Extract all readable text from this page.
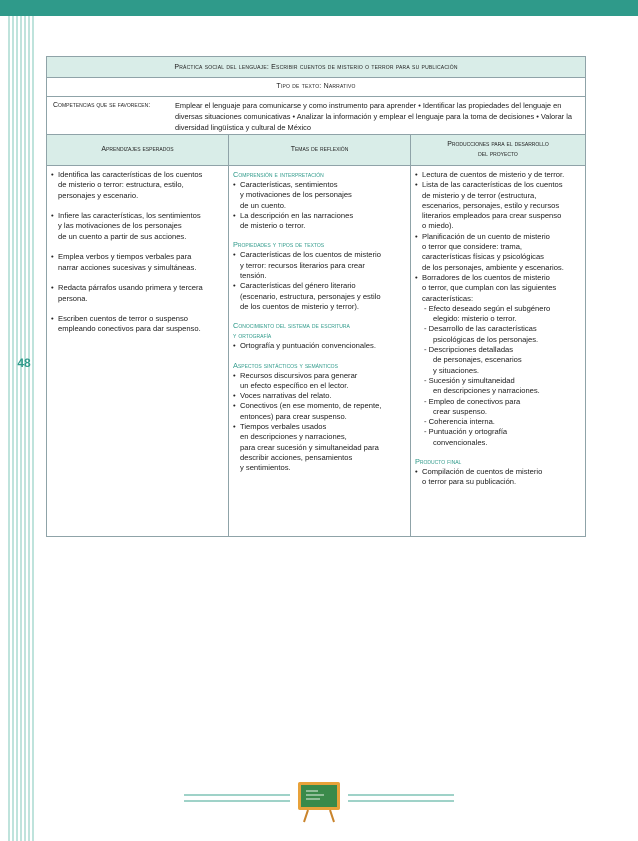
48
Práctica social del lenguaje: Escribir cuentos de misterio o terror para su publicación
Tipo de texto: Narrativo
Competencias que se favorecen:	Emplear el lenguaje para comunicarse y como instrumento para aprender • Identificar las propiedades del lenguaje en diversas situaciones comunicativas • Analizar la información y emplear el lenguaje para la toma de decisiones • Valorar la diversidad lingüística y cultural de México
Aprendizajes esperados	Temas de reflexión
Producciones para el desarrollo
del proyecto
• Identifica las características de los cuentos
de misterio o terror: estructura, estilo,
personajes y escenario.
• Infiere las características, los sentimientos
y las motivaciones de los personajes
de un cuento a partir de sus acciones.
• Emplea verbos y tiempos verbales para
narrar acciones sucesivas y simultáneas.
• Redacta párrafos usando primera y tercera
persona.
• Escriben cuentos de terror o suspenso
empleando conectivos para dar suspenso.
Comprensión e interpretación
• Características, sentimientos
y motivaciones de los personajes
de un cuento.
• La descripción en las narraciones
de misterio o terror.
Propiedades y tipos de textos
• Características de los cuentos de misterio
y terror: recursos literarios para crear
tensión.
• Características del género literario
(escenario, estructura, personajes y estilo
de los cuentos de misterio y terror).
Conocimiento del sistema de escritura
y ortografía
• Ortografía y puntuación convencionales.
Aspectos sintácticos y semánticos
• Recursos discursivos para generar
un efecto específico en el lector.
• Voces narrativas del relato.
• Conectivos (en ese momento, de repente,
entonces) para crear suspenso.
• Tiempos verbales usados
en descripciones y narraciones,
para crear sucesión y simultaneidad para
describir acciones, pensamientos
y sentimientos.
• Lectura de cuentos de misterio y de terror.
• Lista de las características de los cuentos
de misterio y de terror (estructura,
escenarios, personajes, estilo y recursos
literarios empleados para crear suspenso
o miedo).
• Planificación de un cuento de misterio
o terror que considere: trama,
características físicas y psicológicas
de los personajes, ambiente y escenarios.
• Borradores de los cuentos de misterio
o terror, que cumplan con las siguientes
características:
- Efecto deseado según el subgénero
elegido: misterio o terror.
- Desarrollo de las características
psicológicas de los personajes.
- Descripciones detalladas
de personajes, escenarios
y situaciones.
- Sucesión y simultaneidad
en descripciones y narraciones.
- Empleo de conectivos para
crear suspenso.
- Coherencia interna.
- Puntuación y ortografía
convencionales.
Producto final
• Compilación de cuentos de misterio
o terror para su publicación.
